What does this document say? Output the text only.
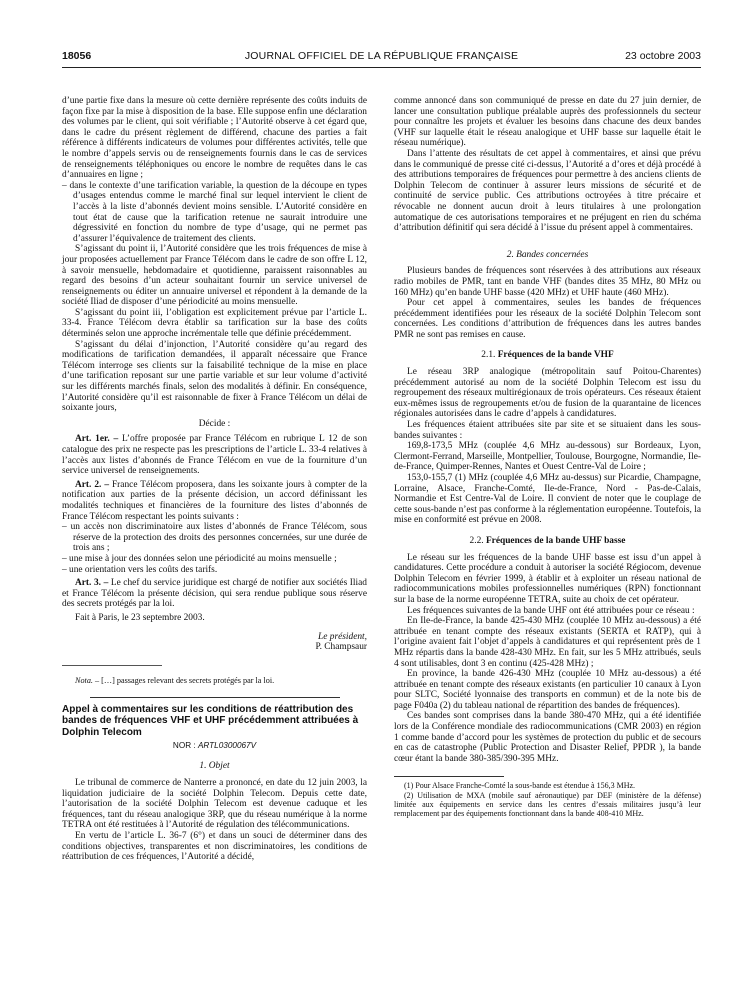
18056	JOURNAL OFFICIEL DE LA RÉPUBLIQUE FRANÇAISE	23 octobre 2003

d’une partie fixe dans la mesure où cette dernière représente des coûts induits de façon fixe par la mise à disposition de la base. Elle suppose enfin une déclaration des volumes par le client, qui soit vérifiable ; l’Autorité observe à cet égard que, dans le cadre du présent règlement de différend, chacune des parties a fait référence à différents indicateurs de volumes pour différentes activités, telle que le nombre d’appels servis ou de renseignements fournis dans le cas de services de renseignements téléphoniques ou encore le nombre de requêtes dans le cas d’annuaires en ligne ;

– dans le contexte d’une tarification variable, la question de la découpe en types d’usages entendus comme le marché final sur lequel intervient le client de l’accès à la liste d’abonnés devient moins sensible. L’Autorité considère en tout état de cause que la tarification retenue ne saurait introduire une dégressivité en fonction du nombre de type d’usage, qui ne permet pas d’assurer l’équivalence de traitement des clients.

S’agissant du point ii, l’Autorité considère que les trois fréquences de mise à jour proposées actuellement par France Télécom dans le cadre de son offre L 12, à savoir mensuelle, hebdomadaire et quotidienne, paraissent raisonnables au regard des besoins d’un acteur souhaitant fournir un service universel de renseignements ou éditer un annuaire universel et répondent à la demande de la société Iliad de disposer d’une périodicité au moins mensuelle.

S’agissant du point iii, l’obligation est explicitement prévue par l’article L. 33-4. France Télécom devra établir sa tarification sur la base des coûts déterminés selon une approche incrémentale telle que définie précédemment.

S’agissant du délai d’injonction, l’Autorité considère qu’au regard des modifications de tarification demandées, il apparaît nécessaire que France Télécom interroge ses clients sur la faisabilité technique de la mise en place d’une tarification reposant sur une partie variable et sur leur volume d’activité sur les différents marchés finals, selon des modalités à définir. En conséquence, l’Autorité considère qu’il est raisonnable de fixer à France Télécom un délai de soixante jours,

Décide :

Art. 1er. – L’offre proposée par France Télécom en rubrique L 12 de son catalogue des prix ne respecte pas les prescriptions de l’article L. 33-4 relatives à l’accès aux listes d’abonnés de France Télécom en vue de la fourniture d’un service universel de renseignements.

Art. 2. – France Télécom proposera, dans les soixante jours à compter de la notification aux parties de la présente décision, un accord définissant les modalités techniques et financières de la fourniture des listes d’abonnés de France Télécom respectant les points suivants :

– un accès non discriminatoire aux listes d’abonnés de France Télécom, sous réserve de la protection des droits des personnes concernées, sur une durée de trois ans ;
– une mise à jour des données selon une périodicité au moins mensuelle ;
– une orientation vers les coûts des tarifs.

Art. 3. – Le chef du service juridique est chargé de notifier aux sociétés Iliad et France Télécom la présente décision, qui sera rendue publique sous réserve des secrets protégés par la loi.

Fait à Paris, le 23 septembre 2003.

Le président,

P. Champsaur

Nota. – […] passages relevant des secrets protégés par la loi.

Appel à commentaires sur les conditions de réattribution des bandes de fréquences VHF et UHF précédemment attribuées à Dolphin Telecom
NOR : ARTL0300067V

1. Objet

Le tribunal de commerce de Nanterre a prononcé, en date du 12 juin 2003, la liquidation judiciaire de la société Dolphin Telecom. Depuis cette date, l’autorisation de la société Dolphin Telecom est devenue caduque et les fréquences, tant du réseau analogique 3RP, que du réseau numérique à la norme TETRA ont été restituées à l’Autorité de régulation des télécommunications.

En vertu de l’article L. 36-7 (6°) et dans un souci de déterminer dans des conditions objectives, transparentes et non discriminatoires, les conditions de réattribution de ces fréquences, l’Autorité a décidé,

comme annoncé dans son communiqué de presse en date du 27 juin dernier, de lancer une consultation publique préalable auprès des professionnels du secteur pour connaître les projets et évaluer les besoins dans chacune des deux bandes (VHF sur laquelle était le réseau analogique et UHF basse sur laquelle était le réseau numérique).

Dans l’attente des résultats de cet appel à commentaires, et ainsi que prévu dans le communiqué de presse cité ci-dessus, l’Autorité a d’ores et déjà procédé à des attributions temporaires de fréquences pour permettre à des anciens clients de Dolphin Telecom de continuer à assurer leurs missions de sécurité et de continuité de service public. Ces attributions octroyées à titre précaire et révocable ne donnent aucun droit à leurs titulaires à une prolongation automatique de ces autorisations temporaires et ne préjugent en rien du schéma d’attribution définitif qui sera décidé à l’issue du présent appel à commentaires.

2. Bandes concernées

Plusieurs bandes de fréquences sont réservées à des attributions aux réseaux radio mobiles de PMR, tant en bande VHF (bandes dites 35 MHz, 80 MHz ou 160 MHz) qu’en bande UHF basse (420 MHz) et UHF haute (460 MHz).

Pour cet appel à commentaires, seules les bandes de fréquences précédemment identifiées pour les réseaux de la société Dolphin Telecom sont concernées. Les conditions d’attribution de fréquences dans les autres bandes PMR ne sont pas remises en cause.

2.1. Fréquences de la bande VHF

Le réseau 3RP analogique (métropolitain sauf Poitou-Charentes) précédemment autorisé au nom de la société Dolphin Telecom est issu du regroupement des réseaux multirégionaux de trois opérateurs. Ces réseaux étaient eux-mêmes issus de regroupements et/ou de fusion de la quarantaine de licences régionales autorisées dans le cadre d’appels à candidatures.

Les fréquences étaient attribuées site par site et se situaient dans les sous-bandes suivantes :

169,8-173,5 MHz (couplée 4,6 MHz au-dessous) sur Bordeaux, Lyon, Clermont-Ferrand, Marseille, Montpellier, Toulouse, Bourgogne, Normandie, Ile-de-France, Quimper-Rennes, Nantes et Ouest Centre-Val de Loire ;

153,0-155,7 (1) MHz (couplée 4,6 MHz au-dessus) sur Picardie, Champagne, Lorraine, Alsace, Franche-Comté, Ile-de-France, Nord - Pas-de-Calais, Normandie et Est Centre-Val de Loire. Il convient de noter que le couplage de cette sous-bande n’est pas conforme à la réglementation européenne. Toutefois, la mise en conformité est prévue en 2008.

2.2. Fréquences de la bande UHF basse

Le réseau sur les fréquences de la bande UHF basse est issu d’un appel à candidatures. Cette procédure a conduit à autoriser la société Régiocom, devenue Dolphin Telecom en février 1999, à établir et à exploiter un réseau national de radiocommunications mobiles professionnelles numériques (RPN) fonctionnant sur la base de la norme européenne TETRA, suite au choix de cet opérateur.

Les fréquences suivantes de la bande UHF ont été attribuées pour ce réseau :

En Ile-de-France, la bande 425-430 MHz (couplée 10 MHz au-dessous) a été attribuée en tenant compte des réseaux existants (SERTA et RATP), qui à l’origine avaient fait l’objet d’appels à candidatures et qui représentent près de 1 MHz répartis dans la bande 428-430 MHz. En fait, sur les 5 MHz attribués, seuls 4 sont utilisables, dont 3 en continu (425-428 MHz) ;

En province, la bande 426-430 MHz (couplée 10 MHz au-dessous) a été attribuée en tenant compte des réseaux existants (en particulier 10 canaux à Lyon pour SLTC, Société lyonnaise des transports en commun) et de la note bis de page F040a (2) du tableau national de répartition des bandes de fréquences).

Ces bandes sont comprises dans la bande 380-470 MHz, qui a été identifiée lors de la Conférence mondiale des radiocommunications (CMR 2003) en région 1 comme bande d’accord pour les systèmes de protection du public et de secours en cas de catastrophe (Public Protection and Disaster Relief, PPDR ), la bande cœur étant la bande 380-385/390-395 MHz.

(1) Pour Alsace Franche-Comté la sous-bande est étendue à 156,3 MHz.

(2) Utilisation de MXA (mobile sauf aéronautique) par DEF (ministère de la défense) limitée aux équipements en service dans les centres d’essais militaires jusqu’à leur remplacement par des équipements fonctionnant dans la bande 408-410 MHz.
